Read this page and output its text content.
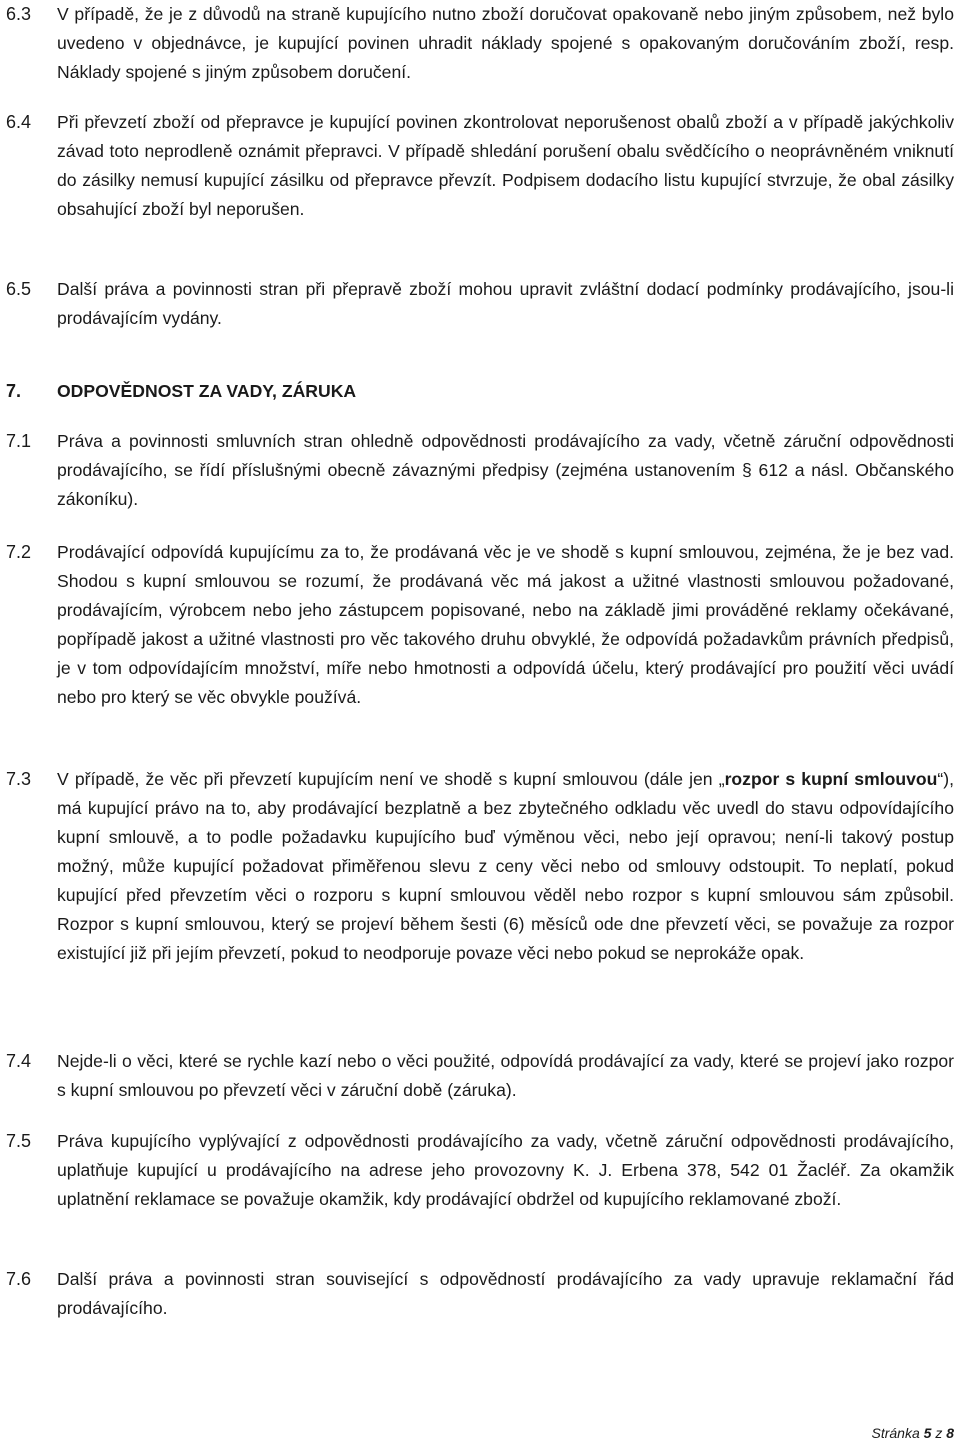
6.3	V případě, že je z důvodů na straně kupujícího nutno zboží doručovat opakovaně nebo jiným způsobem, než bylo uvedeno v objednávce, je kupující povinen uhradit náklady spojené s opakovaným doručováním zboží, resp. Náklady spojené s jiným způsobem doručení.
6.4	Při převzetí zboží od přepravce je kupující povinen zkontrolovat neporušenost obalů zboží a v případě jakýchkoliv závad toto neprodleně oznámit přepravci. V případě shledání porušení obalu svědčícího o neoprávněném vniknutí do zásilky nemusí kupující zásilku od přepravce převzít. Podpisem dodacího listu kupující stvrzuje, že obal zásilky obsahující zboží byl neporušen.
6.5	Další práva a povinnosti stran při přepravě zboží mohou upravit zvláštní dodací podmínky prodávajícího, jsou-li prodávajícím vydány.
7.	ODPOVĚDNOST ZA VADY, ZÁRUKA
7.1	Práva a povinnosti smluvních stran ohledně odpovědnosti prodávajícího za vady, včetně záruční odpovědnosti prodávajícího, se řídí příslušnými obecně závaznými předpisy (zejména ustanovením § 612 a násl. Občanského zákoníku).
7.2	Prodávající odpovídá kupujícímu za to, že prodávaná věc je ve shodě s kupní smlouvou, zejména, že je bez vad. Shodou s kupní smlouvou se rozumí, že prodávaná věc má jakost a užitné vlastnosti smlouvou požadované, prodávajícím, výrobcem nebo jeho zástupcem popisované, nebo na základě jimi prováděné reklamy očekávané, popřípadě jakost a užitné vlastnosti pro věc takového druhu obvyklé, že odpovídá požadavkům právních předpisů, je v tom odpovídajícím množství, míře nebo hmotnosti a odpovídá účelu, který prodávající pro použití věci uvádí nebo pro který se věc obvykle používá.
7.3	V případě, že věc při převzetí kupujícím není ve shodě s kupní smlouvou (dále jen „rozpor s kupní smlouvou“), má kupující právo na to, aby prodávající bezplatně a bez zbytečného odkladu věc uvedl do stavu odpovídajícího kupní smlouvě, a to podle požadavku kupujícího buď výměnou věci, nebo její opravou; není-li takový postup možný, může kupující požadovat přiměřenou slevu z ceny věci nebo od smlouvy odstoupit. To neplatí, pokud kupující před převzetím věci o rozporu s kupní smlouvou věděl nebo rozpor s kupní smlouvou sám způsobil. Rozpor s kupní smlouvou, který se projeví během šesti (6) měsíců ode dne převzetí věci, se považuje za rozpor existující již při jejím převzetí, pokud to neodporuje povaze věci nebo pokud se neprokáže opak.
7.4	Nejde-li o věci, které se rychle kazí nebo o věci použité, odpovídá prodávající za vady, které se projeví jako rozpor s kupní smlouvou po převzetí věci v záruční době (záruka).
7.5	Práva kupujícího vyplývající z odpovědnosti prodávajícího za vady, včetně záruční odpovědnosti prodávajícího, uplatňuje kupující u prodávajícího na adrese jeho provozovny K. J. Erbena 378, 542 01 Žacléř. Za okamžik uplatnění reklamace se považuje okamžik, kdy prodávající obdržel od kupujícího reklamované zboží.
7.6	Další práva a povinnosti stran související s odpovědností prodávajícího za vady upravuje reklamační řád prodávajícího.
Stránka 5 z 8
